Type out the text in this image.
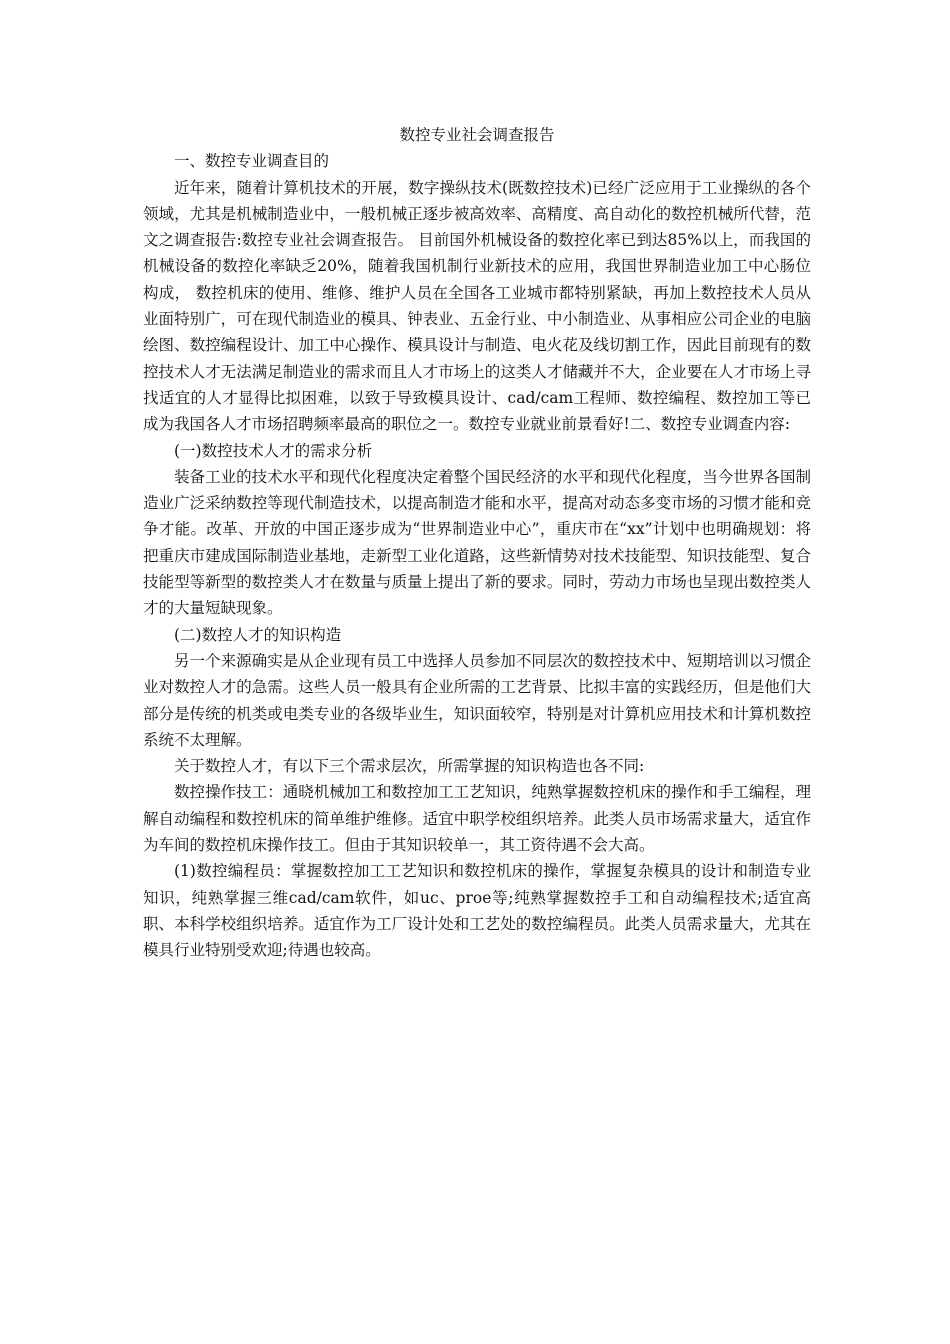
数控专业社会调查报告

一、数控专业调查目的

近年来，随着计算机技术的开展，数字操纵技术(既数控技术)已经广泛应用于工业操纵的各个领域，尤其是机械制造业中，一般机械正逐步被高效率、高精度、高自动化的数控机械所代替，范文之调查报告:数控专业社会调查报告。 目前国外机械设备的数控化率已到达85%以上，而我国的机械设备的数控化率缺乏20%，随着我国机制行业新技术的应用，我国世界制造业加工中心肠位构成， 数控机床的使用、维修、维护人员在全国各工业城市都特别紧缺，再加上数控技术人员从业面特别广，可在现代制造业的模具、钟表业、五金行业、中小制造业、从事相应公司企业的电脑绘图、数控编程设计、加工中心操作、模具设计与制造、电火花及线切割工作，因此目前现有的数控技术人才无法满足制造业的需求而且人才市场上的这类人才储藏并不大，企业要在人才市场上寻找适宜的人才显得比拟困难，以致于导致模具设计、cad/cam工程师、数控编程、数控加工等已成为我国各人才市场招聘频率最高的职位之一。数控专业就业前景看好!二、数控专业调查内容:

(一)数控技术人才的需求分析

装备工业的技术水平和现代化程度决定着整个国民经济的水平和现代化程度，当今世界各国制造业广泛采纳数控等现代制造技术，以提高制造才能和水平，提高对动态多变市场的习惯才能和竞争才能。改革、开放的中国正逐步成为“世界制造业中心”，重庆市在“xx”计划中也明确规划：将把重庆市建成国际制造业基地，走新型工业化道路，这些新情势对技术技能型、知识技能型、复合技能型等新型的数控类人才在数量与质量上提出了新的要求。同时，劳动力市场也呈现出数控类人才的大量短缺现象。

(二)数控人才的知识构造

另一个来源确实是从企业现有员工中选择人员参加不同层次的数控技术中、短期培训以习惯企业对数控人才的急需。这些人员一般具有企业所需的工艺背景、比拟丰富的实践经历，但是他们大部分是传统的机类或电类专业的各级毕业生，知识面较窄，特别是对计算机应用技术和计算机数控系统不太理解。

关于数控人才，有以下三个需求层次，所需掌握的知识构造也各不同:

数控操作技工：通晓机械加工和数控加工工艺知识，纯熟掌握数控机床的操作和手工编程，理解自动编程和数控机床的简单维护维修。适宜中职学校组织培养。此类人员市场需求量大，适宜作为车间的数控机床操作技工。但由于其知识较单一，其工资待遇不会大高。

(1)数控编程员：掌握数控加工工艺知识和数控机床的操作，掌握复杂模具的设计和制造专业知识，纯熟掌握三维cad/cam软件，如uc、proe等;纯熟掌握数控手工和自动编程技术;适宜高职、本科学校组织培养。适宜作为工厂设计处和工艺处的数控编程员。此类人员需求量大，尤其在模具行业特别受欢迎;待遇也较高。
